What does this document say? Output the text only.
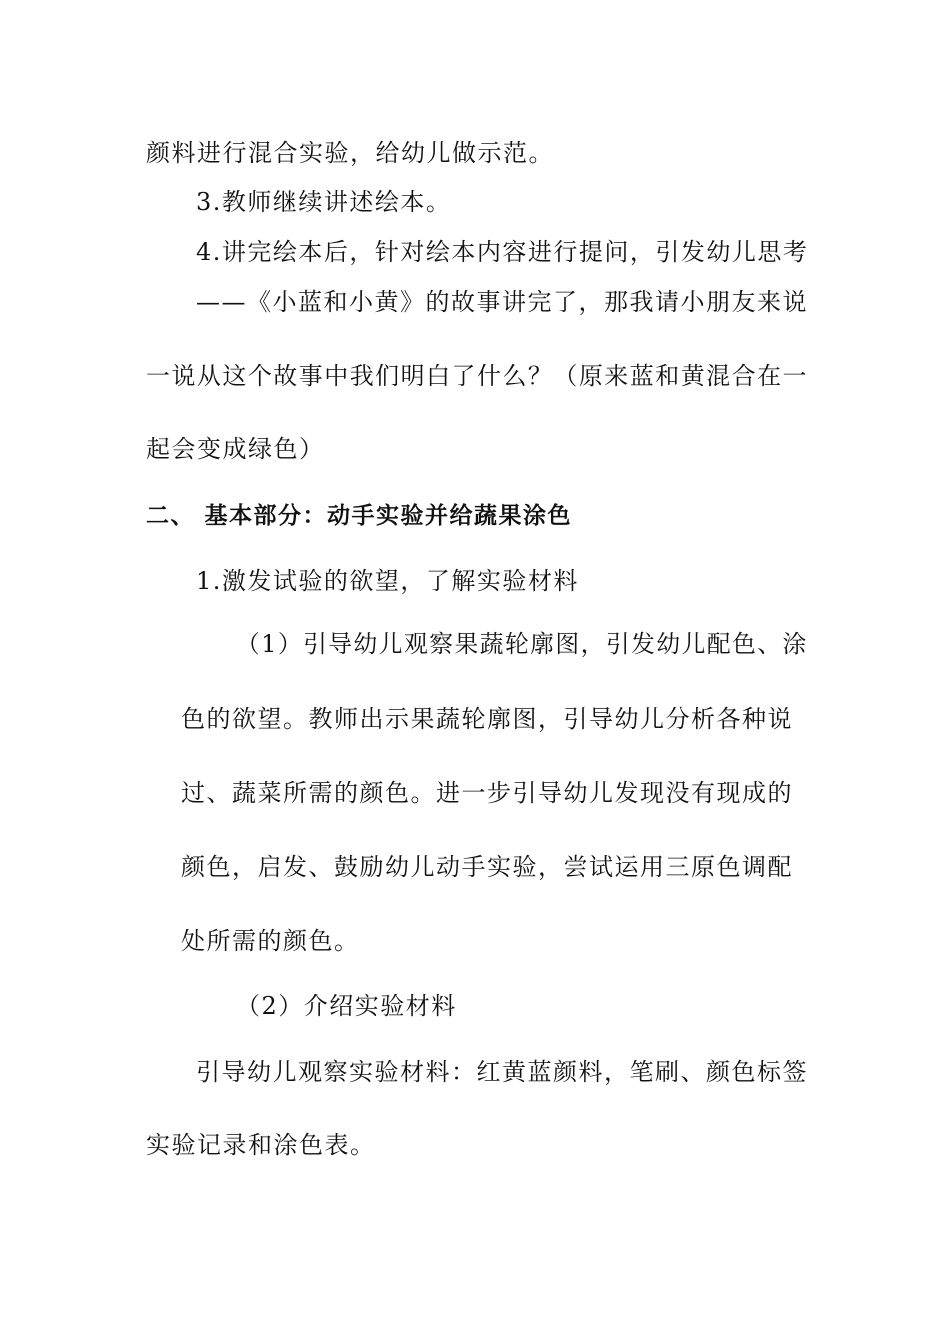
颜料进行混合实验，给幼儿做示范。
3.教师继续讲述绘本。
4.讲完绘本后，针对绘本内容进行提问，引发幼儿思考
——《小蓝和小黄》的故事讲完了，那我请小朋友来说
一说从这个故事中我们明白了什么？（原来蓝和黄混合在一
起会变成绿色）
二、 基本部分：动手实验并给蔬果涂色
1.激发试验的欲望，了解实验材料
（1）引导幼儿观察果蔬轮廓图，引发幼儿配色、涂
色的欲望。教师出示果蔬轮廓图，引导幼儿分析各种说
过、蔬菜所需的颜色。进一步引导幼儿发现没有现成的
颜色，启发、鼓励幼儿动手实验，尝试运用三原色调配
处所需的颜色。
（2）介绍实验材料
引导幼儿观察实验材料：红黄蓝颜料，笔刷、颜色标签
实验记录和涂色表。
